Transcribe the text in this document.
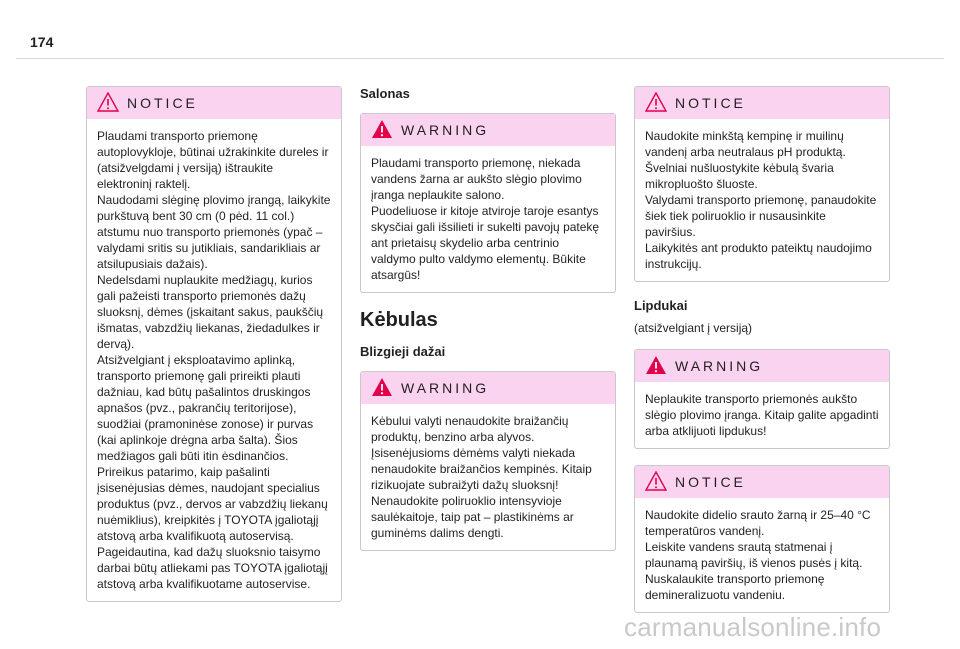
174
NOTICE

Plaudami transporto priemonę autoplovykloje, būtinai užrakinkite dureles ir (atsižvelgdami į versiją) ištraukite elektroninį raktelį.

Naudodami slėginę plovimo įrangą, laikykite purkštuvą bent 30 cm (0 pėd. 11 col.) atstumu nuo transporto priemonės (ypač – valydami sritis su jutikliais, sandarikliais ar atsilupusiais dažais).

Nedelsdami nuplaukite medžiagų, kurios gali pažeisti transporto priemonės dažų sluoksnį, dėmes (įskaitant sakus, paukščių išmatas, vabzdžių liekanas, žiedadulkes ir dervą).

Atsižvelgiant į eksploatavimo aplinką, transporto priemonę gali prireikti plauti dažniau, kad būtų pašalintos druskingos apnašos (pvz., pakrančių teritorijose), suodžiai (pramoninėse zonose) ir purvas (kai aplinkoje drėgna arba šalta). Šios medžiagos gali būti itin ėsdinančios.

Prireikus patarimo, kaip pašalinti įsisenėjusias dėmes, naudojant specialius produktus (pvz., dervos ar vabzdžių liekanų nuėmiklius), kreipkitės į TOYOTA įgaliotąjį atstovą arba kvalifikuotą autoservisą.

Pageidautina, kad dažų sluoksnio taisymo darbai būtų atliekami pas TOYOTA įgaliotąjį atstovą arba kvalifikuotame autoservise.

Salonas
WARNING

Plaudami transporto priemonę, niekada vandens žarna ar aukšto slėgio plovimo įranga neplaukite salono.

Puodeliuose ir kitoje atviroje taroje esantys skysčiai gali išsilieti ir sukelti pavojų patekę ant prietaisų skydelio arba centrinio valdymo pulto valdymo elementų. Būkite atsargūs!

Kėbulas
Blizgieji dažai
WARNING

Kėbului valyti nenaudokite braižančių produktų, benzino arba alyvos.

Įsisenėjusioms dėmėms valyti niekada nenaudokite braižančios kempinės. Kitaip rizikuojate subraižyti dažų sluoksnį!

Nenaudokite poliruoklio intensyvioje saulėkaitoje, taip pat – plastikinėms ar guminėms dalims dengti.

NOTICE

Naudokite minkštą kempinę ir muilinų vandenį arba neutralaus pH produktą.

Švelniai nušluostykite kėbulą švaria mikropluošto šluoste.

Valydami transporto priemonę, panaudokite šiek tiek poliruoklio ir nusausinkite paviršius.

Laikykitės ant produkto pateiktų naudojimo instrukcijų.

Lipdukai
(atsižvelgiant į versiją)
WARNING

Neplaukite transporto priemonės aukšto slėgio plovimo įranga. Kitaip galite apgadinti arba atklijuoti lipdukus!

NOTICE

Naudokite didelio srauto žarną ir 25–40 °C temperatūros vandenį.

Leiskite vandens srautą statmenai į plaunamą paviršių, iš vienos pusės į kitą.

Nuskalaukite transporto priemonę demineralizuotu vandeniu.

carmanualsonline.info
